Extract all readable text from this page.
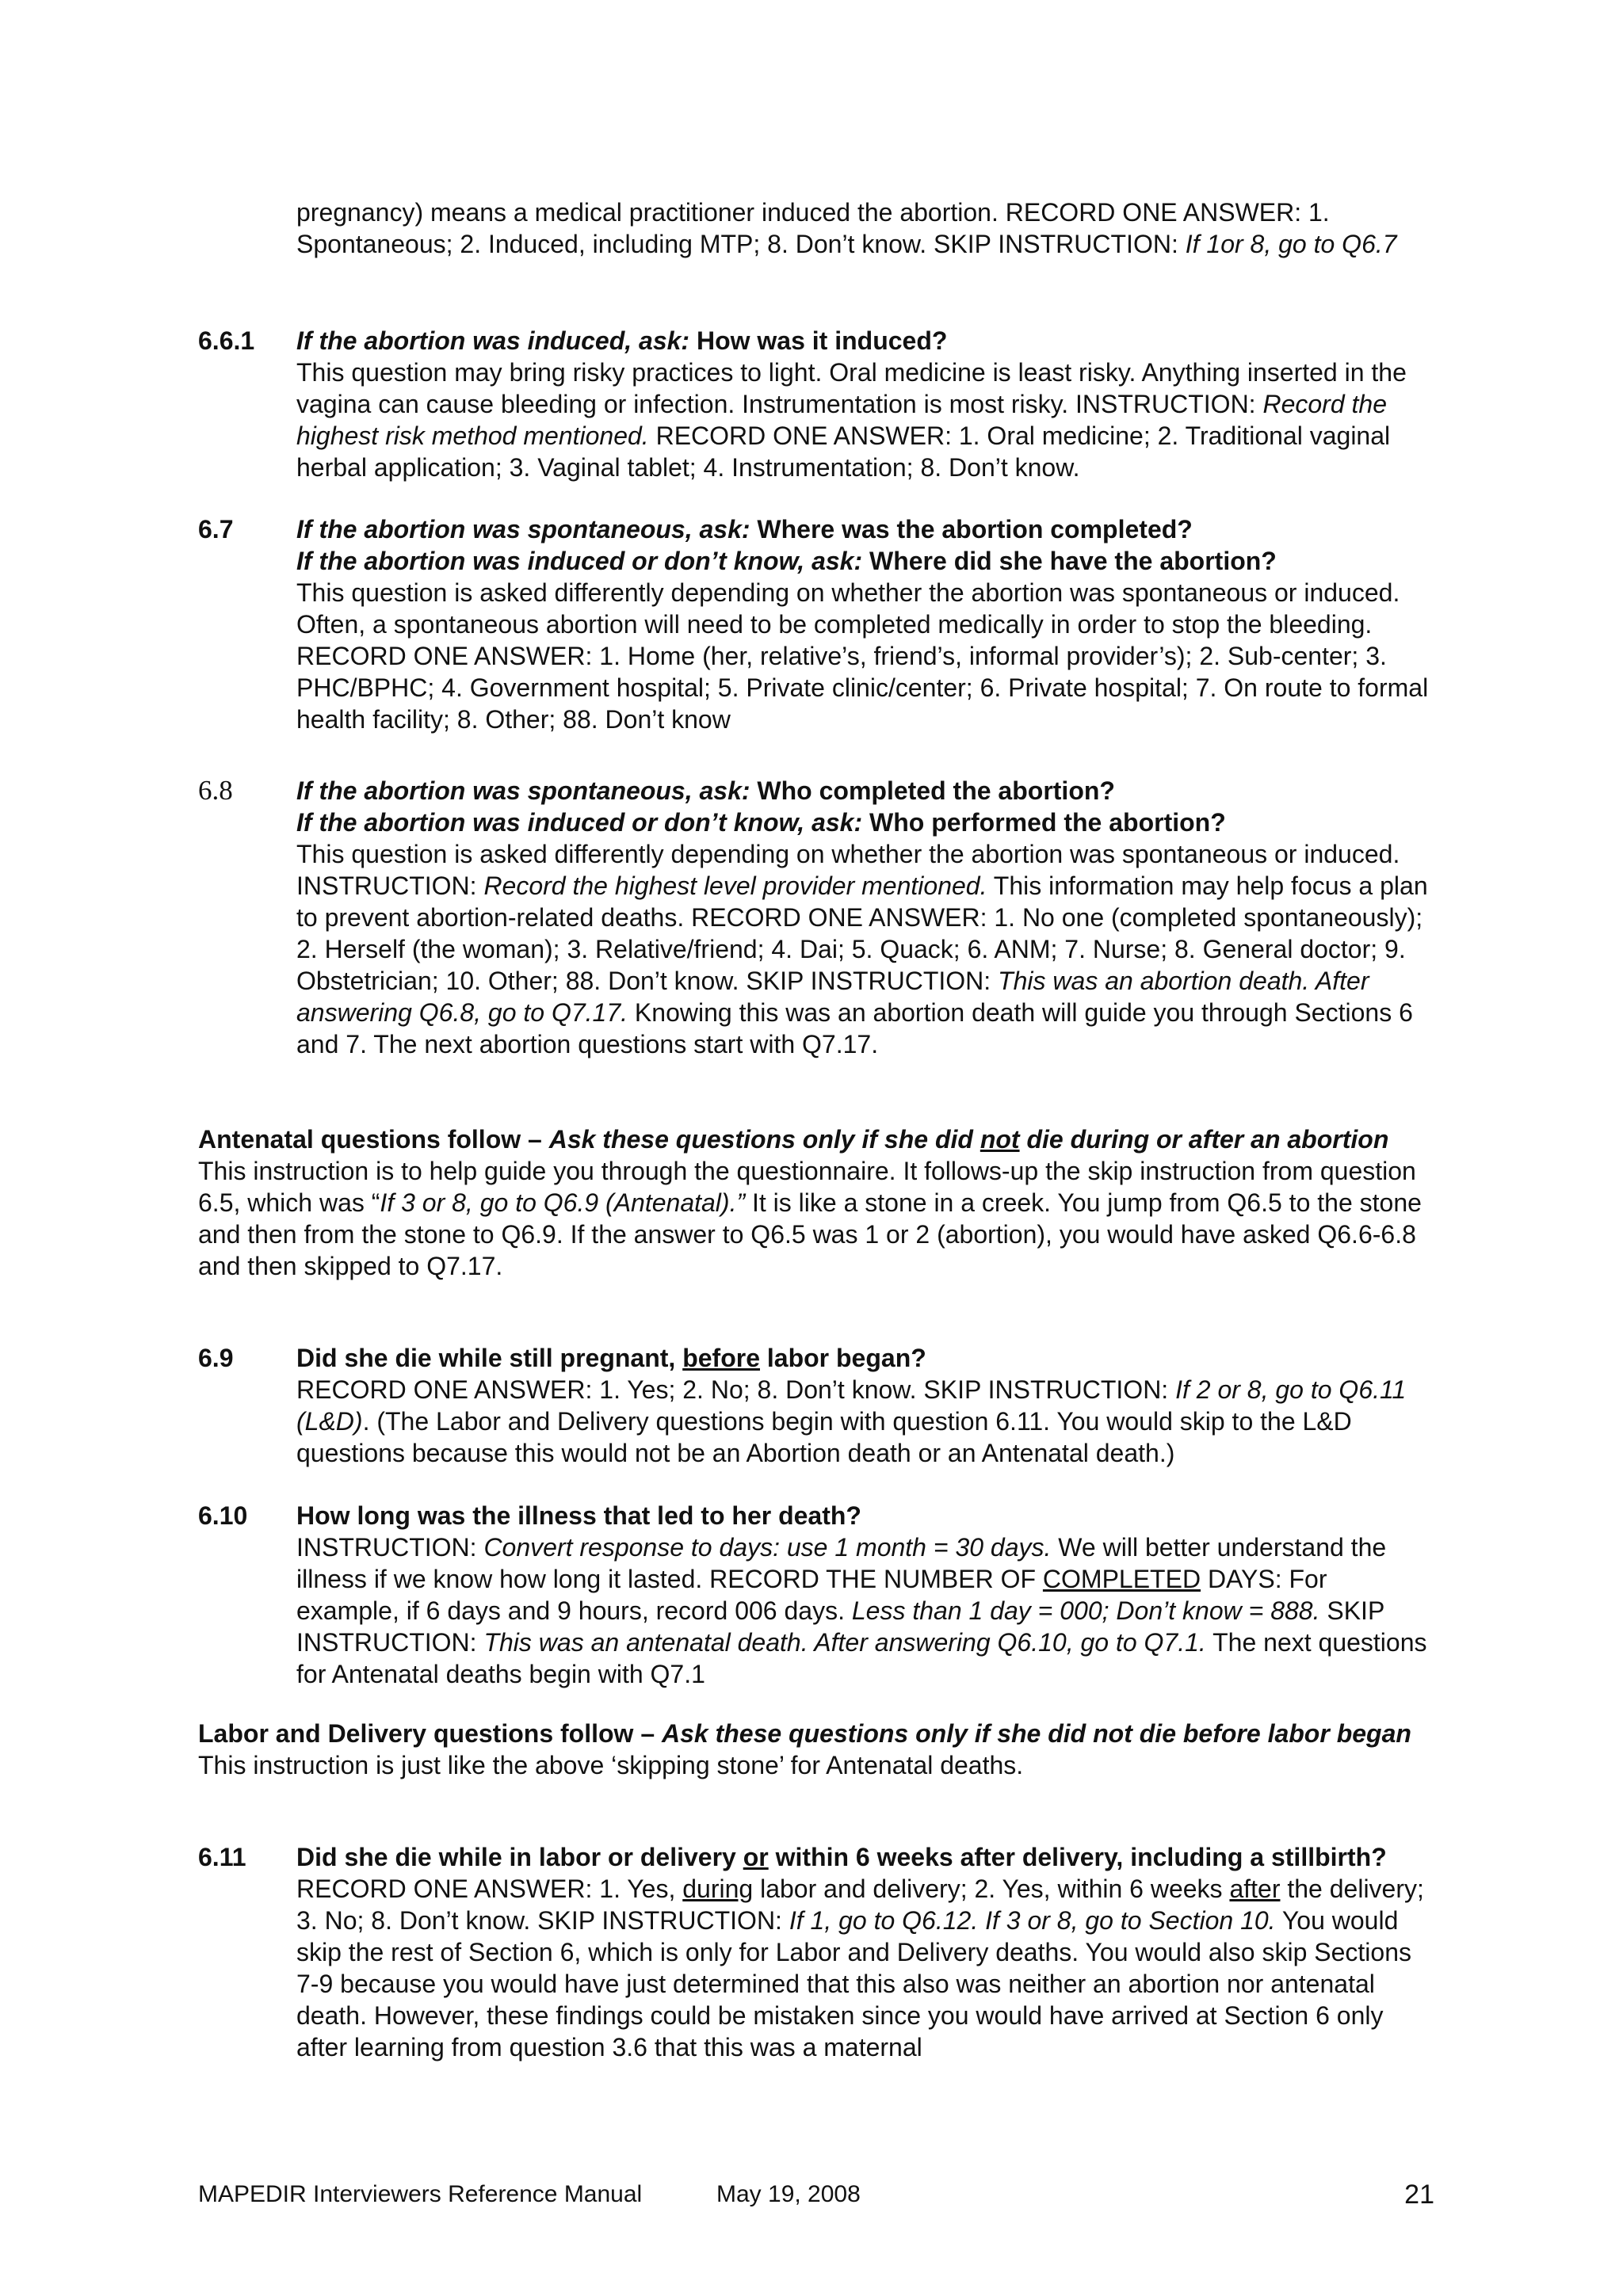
pregnancy) means a medical practitioner induced the abortion. RECORD ONE ANSWER: 1. Spontaneous; 2. Induced, including MTP; 8. Don’t know. SKIP INSTRUCTION: If 1or 8, go to Q6.7
6.6.1	If the abortion was induced, ask: How was it induced?
This question may bring risky practices to light. Oral medicine is least risky. Anything inserted in the vagina can cause bleeding or infection. Instrumentation is most risky. INSTRUCTION: Record the highest risk method mentioned. RECORD ONE ANSWER: 1. Oral medicine; 2. Traditional vaginal herbal application; 3. Vaginal tablet; 4. Instrumentation; 8. Don’t know.
6.7	If the abortion was spontaneous, ask: Where was the abortion completed?
If the abortion was induced or don’t know, ask: Where did she have the abortion?
This question is asked differently depending on whether the abortion was spontaneous or induced. Often, a spontaneous abortion will need to be completed medically in order to stop the bleeding. RECORD ONE ANSWER: 1. Home (her, relative’s, friend’s, informal provider’s); 2. Sub-center; 3. PHC/BPHC; 4. Government hospital; 5. Private clinic/center; 6. Private hospital; 7. On route to formal health facility; 8. Other; 88. Don’t know
6.8	If the abortion was spontaneous, ask: Who completed the abortion?
If the abortion was induced or don’t know, ask: Who performed the abortion?
This question is asked differently depending on whether the abortion was spontaneous or induced. INSTRUCTION: Record the highest level provider mentioned. This information may help focus a plan to prevent abortion-related deaths. RECORD ONE ANSWER: 1. No one (completed spontaneously); 2. Herself (the woman); 3. Relative/friend; 4. Dai; 5. Quack; 6. ANM; 7. Nurse; 8. General doctor; 9. Obstetrician; 10. Other; 88. Don’t know. SKIP INSTRUCTION: This was an abortion death. After answering Q6.8, go to Q7.17. Knowing this was an abortion death will guide you through Sections 6 and 7. The next abortion questions start with Q7.17.
Antenatal questions follow – Ask these questions only if she did not die during or after an abortion
This instruction is to help guide you through the questionnaire. It follows-up the skip instruction from question 6.5, which was “If 3 or 8, go to Q6.9 (Antenatal).” It is like a stone in a creek. You jump from Q6.5 to the stone and then from the stone to Q6.9. If the answer to Q6.5 was 1 or 2 (abortion), you would have asked Q6.6-6.8 and then skipped to Q7.17.
6.9	Did she die while still pregnant, before labor began?
RECORD ONE ANSWER: 1. Yes; 2. No; 8. Don’t know. SKIP INSTRUCTION: If 2 or 8, go to Q6.11 (L&D). (The Labor and Delivery questions begin with question 6.11. You would skip to the L&D questions because this would not be an Abortion death or an Antenatal death.)
6.10	How long was the illness that led to her death?
INSTRUCTION: Convert response to days: use 1 month = 30 days. We will better understand the illness if we know how long it lasted. RECORD THE NUMBER OF COMPLETED DAYS: For example, if 6 days and 9 hours, record 006 days. Less than 1 day = 000; Don’t know = 888. SKIP INSTRUCTION: This was an antenatal death. After answering Q6.10, go to Q7.1. The next questions for Antenatal deaths begin with Q7.1
Labor and Delivery questions follow – Ask these questions only if she did not die before labor began
This instruction is just like the above ‘skipping stone’ for Antenatal deaths.
6.11	Did she die while in labor or delivery or within 6 weeks after delivery, including a stillbirth?
RECORD ONE ANSWER: 1. Yes, during labor and delivery; 2. Yes, within 6 weeks after the delivery; 3. No; 8. Don’t know. SKIP INSTRUCTION: If 1, go to Q6.12. If 3 or 8, go to Section 10. You would skip the rest of Section 6, which is only for Labor and Delivery deaths. You would also skip Sections 7-9 because you would have just determined that this also was neither an abortion nor antenatal death. However, these findings could be mistaken since you would have arrived at Section 6 only after learning from question 3.6 that this was a maternal
MAPEDIR Interviewers Reference Manual	May 19, 2008	21
